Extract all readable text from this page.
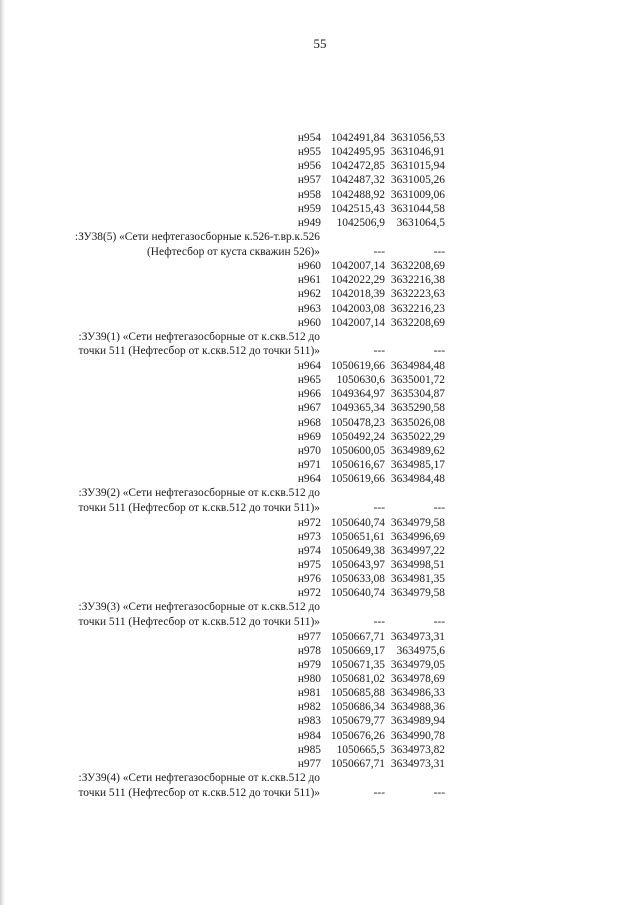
55
н954 1042491,84 3631056,53
н955 1042495,95 3631046,91
н956 1042472,85 3631015,94
н957 1042487,32 3631005,26
н958 1042488,92 3631009,06
н959 1042515,43 3631044,58
н949 1042506,9 3631064,5
:ЗУ38(5) «Сети нефтегазосборные к.526-т.вр.к.526
(Нефтесбор от куста скважин 526)»	---	---
н960 1042007,14 3632208,69
н961 1042022,29 3632216,38
н962 1042018,39 3632223,63
н963 1042003,08 3632216,23
н960 1042007,14 3632208,69
:ЗУ39(1) «Сети нефтегазосборные от к.скв.512 до
точки 511 (Нефтесбор от к.скв.512 до точки 511)»	---	---
н964 1050619,66 3634984,48
н965 1050630,6 3635001,72
н966 1049364,97 3635304,87
н967 1049365,34 3635290,58
н968 1050478,23 3635026,08
н969 1050492,24 3635022,29
н970 1050600,05 3634989,62
н971 1050616,67 3634985,17
н964 1050619,66 3634984,48
:ЗУ39(2) «Сети нефтегазосборные от к.скв.512 до
точки 511 (Нефтесбор от к.скв.512 до точки 511)»	---	---
н972 1050640,74 3634979,58
н973 1050651,61 3634996,69
н974 1050649,38 3634997,22
н975 1050643,97 3634998,51
н976 1050633,08 3634981,35
н972 1050640,74 3634979,58
:ЗУ39(3) «Сети нефтегазосборные от к.скв.512 до
точки 511 (Нефтесбор от к.скв.512 до точки 511)»	---	---
н977 1050667,71 3634973,31
н978 1050669,17 3634975,6
н979 1050671,35 3634979,05
н980 1050681,02 3634978,69
н981 1050685,88 3634986,33
н982 1050686,34 3634988,36
н983 1050679,77 3634989,94
н984 1050676,26 3634990,78
н985 1050665,5 3634973,82
н977 1050667,71 3634973,31
:ЗУ39(4) «Сети нефтегазосборные от к.скв.512 до
точки 511 (Нефтесбор от к.скв.512 до точки 511)»	---	---
